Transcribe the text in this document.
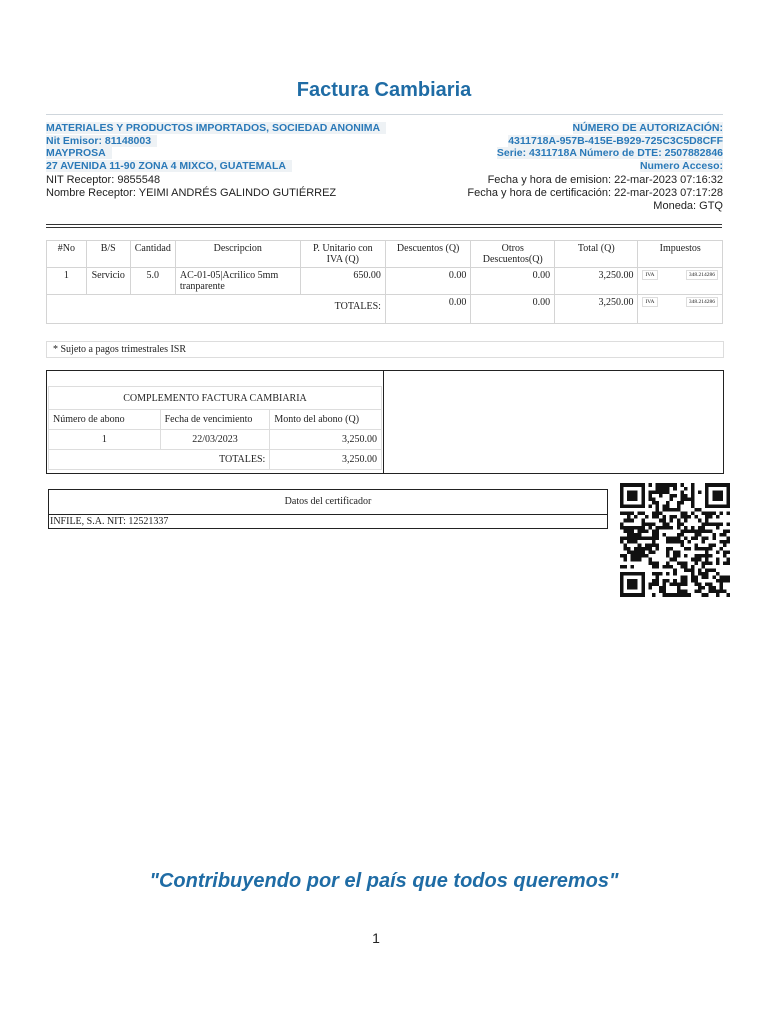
Factura Cambiaria
MATERIALES Y PRODUCTOS IMPORTADOS, SOCIEDAD ANONIMA
Nit Emisor: 81148003
MAYPROSA
27 AVENIDA 11-90 ZONA 4 MIXCO, GUATEMALA
NÚMERO DE AUTORIZACIÓN:
4311718A-957B-415E-B929-725C3C5D8CFF
Serie: 4311718A Número de DTE: 2507882846
Numero Acceso:
NIT Receptor: 9855548
Nombre Receptor: YEIMI ANDRÉS GALINDO GUTIÉRREZ
Fecha y hora de emision: 22-mar-2023 07:16:32
Fecha y hora de certificación: 22-mar-2023 07:17:28
Moneda: GTQ
#No	B/S	Cantidad	Descripcion	P. Unitario con IVA (Q)	Descuentos (Q)	Otros Descuentos(Q)	Total (Q)	Impuestos
1	Servicio	5.0	AC-01-05|Acrilico 5mm tranparente	650.00	0.00	0.00	3,250.00	IVA 348.214286

TOTALES:					0.00	0.00	3,250.00	IVA 348.214286
* Sujeto a pagos trimestrales ISR
COMPLEMENTO FACTURA CAMBIARIA		
Número de abono	Fecha de vencimiento	Monto del abono (Q)
1	22/03/2023	3,250.00
TOTALES:		3,250.00
Datos del certificador
INFILE, S.A. NIT: 12521337
"Contribuyendo por el país que todos queremos"
1
